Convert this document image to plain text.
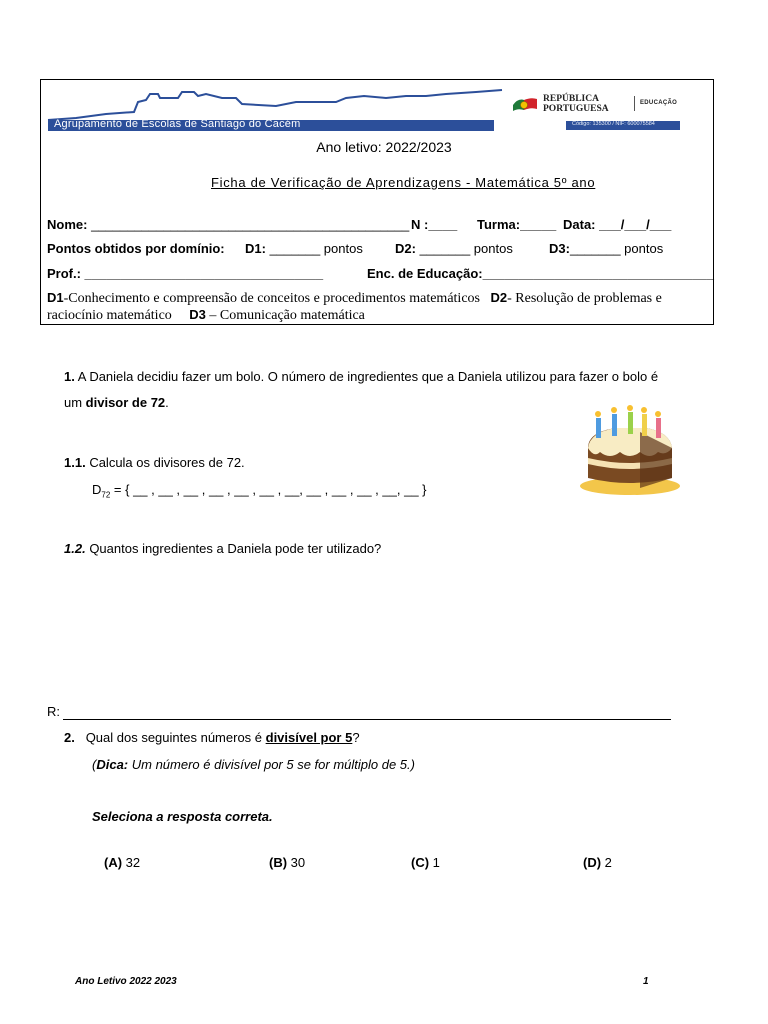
Agrupamento de Escolas de Santiago do Cacém	Código: 135300 / NIF: 600075584
REPÚBLICA
PORTUGUESA
EDUCAÇÃO
Ano letivo: 2022/2023
Ficha de Verificação de Aprendizagens - Matemática 5º ano
Nome: ____________________________________________ N :____ Turma:_____ Data: ___/___/___
Pontos obtidos por domínio: D1: _______ pontos D2: _______ pontos	D3:_______ pontos
Prof.: _________________________________	Enc. de Educação:________________________________
D1-Conhecimento e compreensão de conceitos e procedimentos matemáticos D2- Resolução de problemas e raciocínio matemático D3 – Comunicação matemática
1. A Daniela decidiu fazer um bolo. O número de ingredientes que a Daniela utilizou para fazer o bolo é
um divisor de 72.
1.1. Calcula os divisores de 72.
$D_{72}$ = { __ , __ , __ , __ , __ , __ , __, __ , __ , __ , __, __ }
1.2. Quantos ingredientes a Daniela pode ter utilizado?
R:
2. Qual dos seguintes números é divisível por 5?
(Dica: Um número é divisível por 5 se for múltiplo de 5.)
Seleciona a resposta correta.
(A) 32	(B) 30	(C) 1	(D) 2
Ano Letivo 2022 2023	1
